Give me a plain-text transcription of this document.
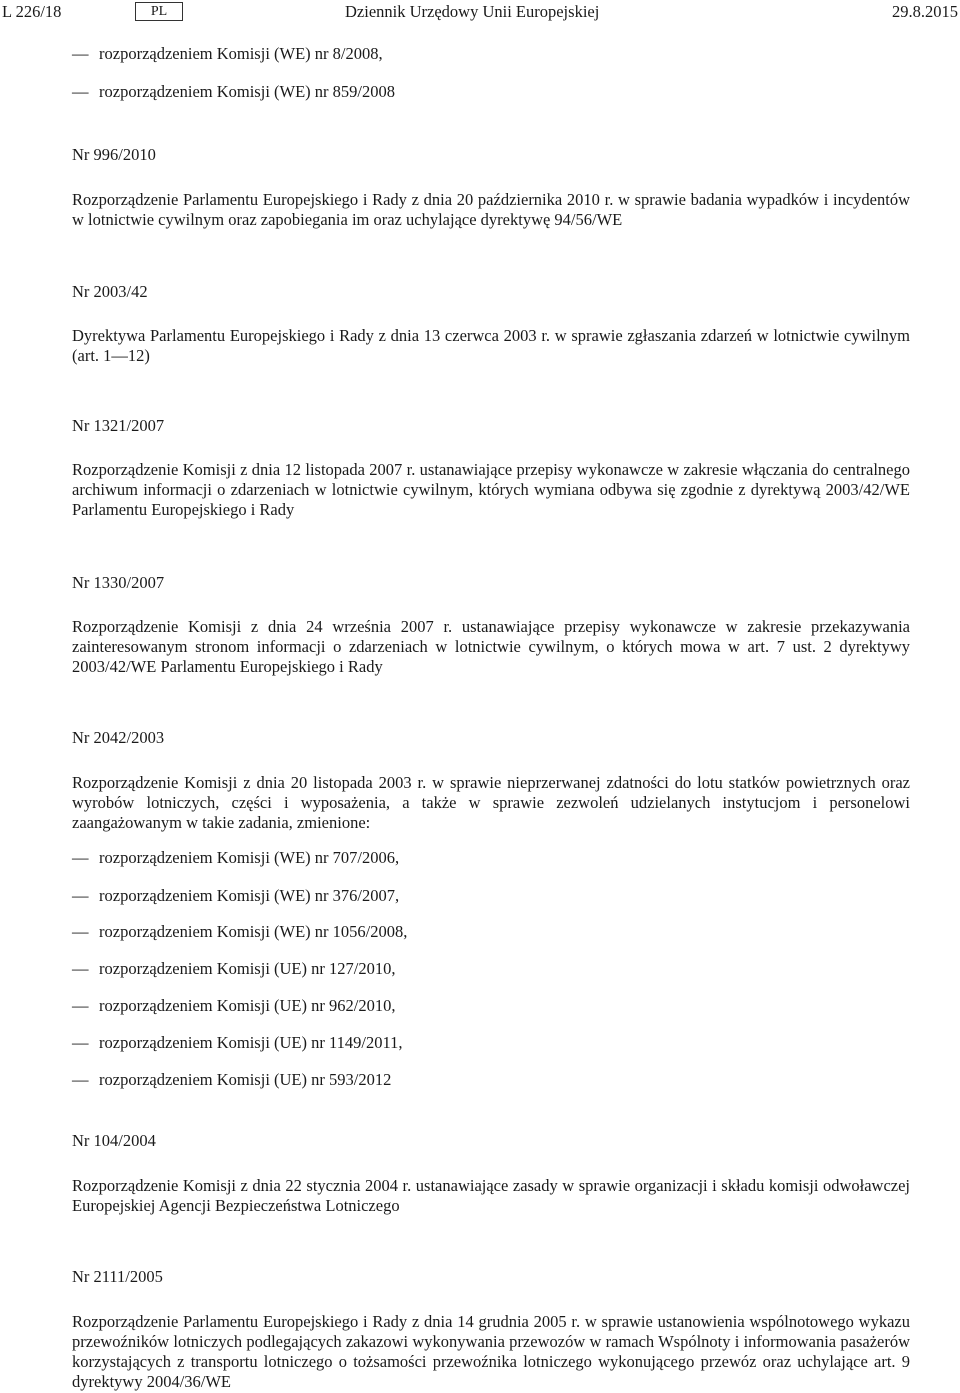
L 226/18	PL	Dziennik Urzędowy Unii Europejskiej	29.8.2015
— rozporządzeniem Komisji (WE) nr 8/2008,
— rozporządzeniem Komisji (WE) nr 859/2008
Nr 996/2010
Rozporządzenie Parlamentu Europejskiego i Rady z dnia 20 października 2010 r. w sprawie badania wypadków i incydentów w lotnictwie cywilnym oraz zapobiegania im oraz uchylające dyrektywę 94/56/WE
Nr 2003/42
Dyrektywa Parlamentu Europejskiego i Rady z dnia 13 czerwca 2003 r. w sprawie zgłaszania zdarzeń w lotnictwie cywilnym (art. 1—12)
Nr 1321/2007
Rozporządzenie Komisji z dnia 12 listopada 2007 r. ustanawiające przepisy wykonawcze w zakresie włączania do centralnego archiwum informacji o zdarzeniach w lotnictwie cywilnym, których wymiana odbywa się zgodnie z dyrektywą 2003/42/WE Parlamentu Europejskiego i Rady
Nr 1330/2007
Rozporządzenie Komisji z dnia 24 września 2007 r. ustanawiające przepisy wykonawcze w zakresie przekazywania zainteresowanym stronom informacji o zdarzeniach w lotnictwie cywilnym, o których mowa w art. 7 ust. 2 dyrektywy 2003/42/WE Parlamentu Europejskiego i Rady
Nr 2042/2003
Rozporządzenie Komisji z dnia 20 listopada 2003 r. w sprawie nieprzerwanej zdatności do lotu statków powietrznych oraz wyrobów lotniczych, części i wyposażenia, a także w sprawie zezwoleń udzielanych instytucjom i personelowi zaangażowanym w takie zadania, zmienione:
— rozporządzeniem Komisji (WE) nr 707/2006,
— rozporządzeniem Komisji (WE) nr 376/2007,
— rozporządzeniem Komisji (WE) nr 1056/2008,
— rozporządzeniem Komisji (UE) nr 127/2010,
— rozporządzeniem Komisji (UE) nr 962/2010,
— rozporządzeniem Komisji (UE) nr 1149/2011,
— rozporządzeniem Komisji (UE) nr 593/2012
Nr 104/2004
Rozporządzenie Komisji z dnia 22 stycznia 2004 r. ustanawiające zasady w sprawie organizacji i składu komisji odwoławczej Europejskiej Agencji Bezpieczeństwa Lotniczego
Nr 2111/2005
Rozporządzenie Parlamentu Europejskiego i Rady z dnia 14 grudnia 2005 r. w sprawie ustanowienia wspólnotowego wykazu przewoźników lotniczych podlegających zakazowi wykonywania przewozów w ramach Wspólnoty i informowania pasażerów korzystających z transportu lotniczego o tożsamości przewoźnika lotniczego wykonującego przewóz oraz uchylające art. 9 dyrektywy 2004/36/WE
